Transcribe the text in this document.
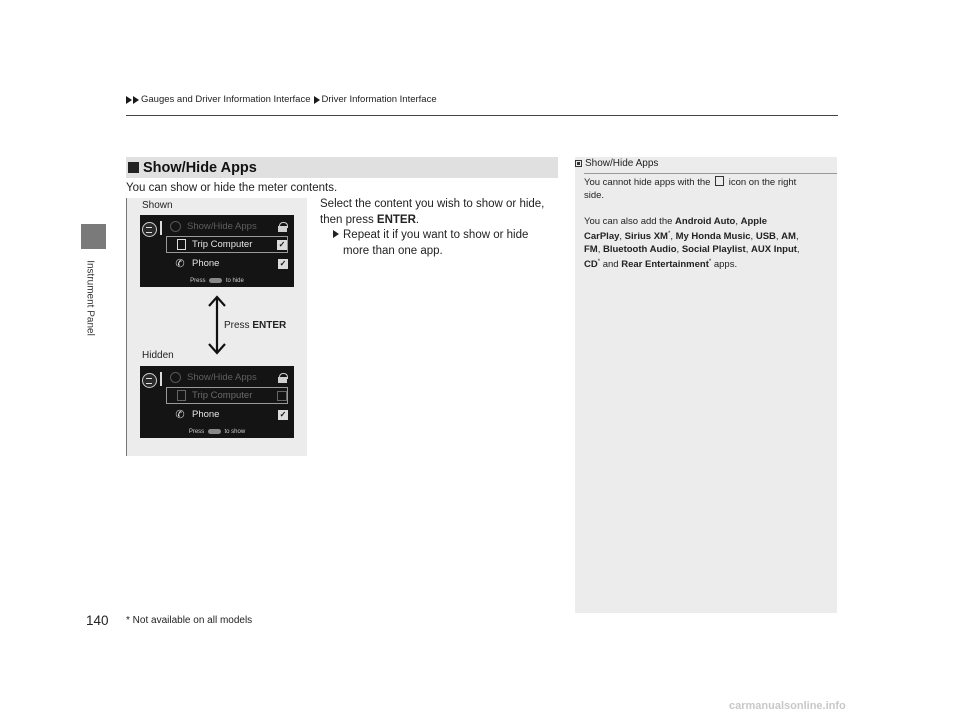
Instrument Panel
Gauges and Driver Information Interface Driver Information Interface
Show/Hide Apps
You can show or hide the meter contents.
Select the content you wish to show or hide,
then press ENTER.
Repeat it if you want to show or hide
more than one app.
Shown
Show/Hide Apps
Trip Computer	✓
✆ Phone	✓
Press	to hide
Press ENTER
Hidden
Show/Hide Apps
Trip Computer
✆ Phone	✓
Press	to show
Show/Hide Apps
You cannot hide apps with the icon on the right
side.
You can also add the Android Auto, Apple
CarPlay, Sirius XM*, My Honda Music, USB, AM,
FM, Bluetooth Audio, Social Playlist, AUX Input,
CD* and Rear Entertainment* apps.
140 * Not available on all models
carmanualsonline.info
